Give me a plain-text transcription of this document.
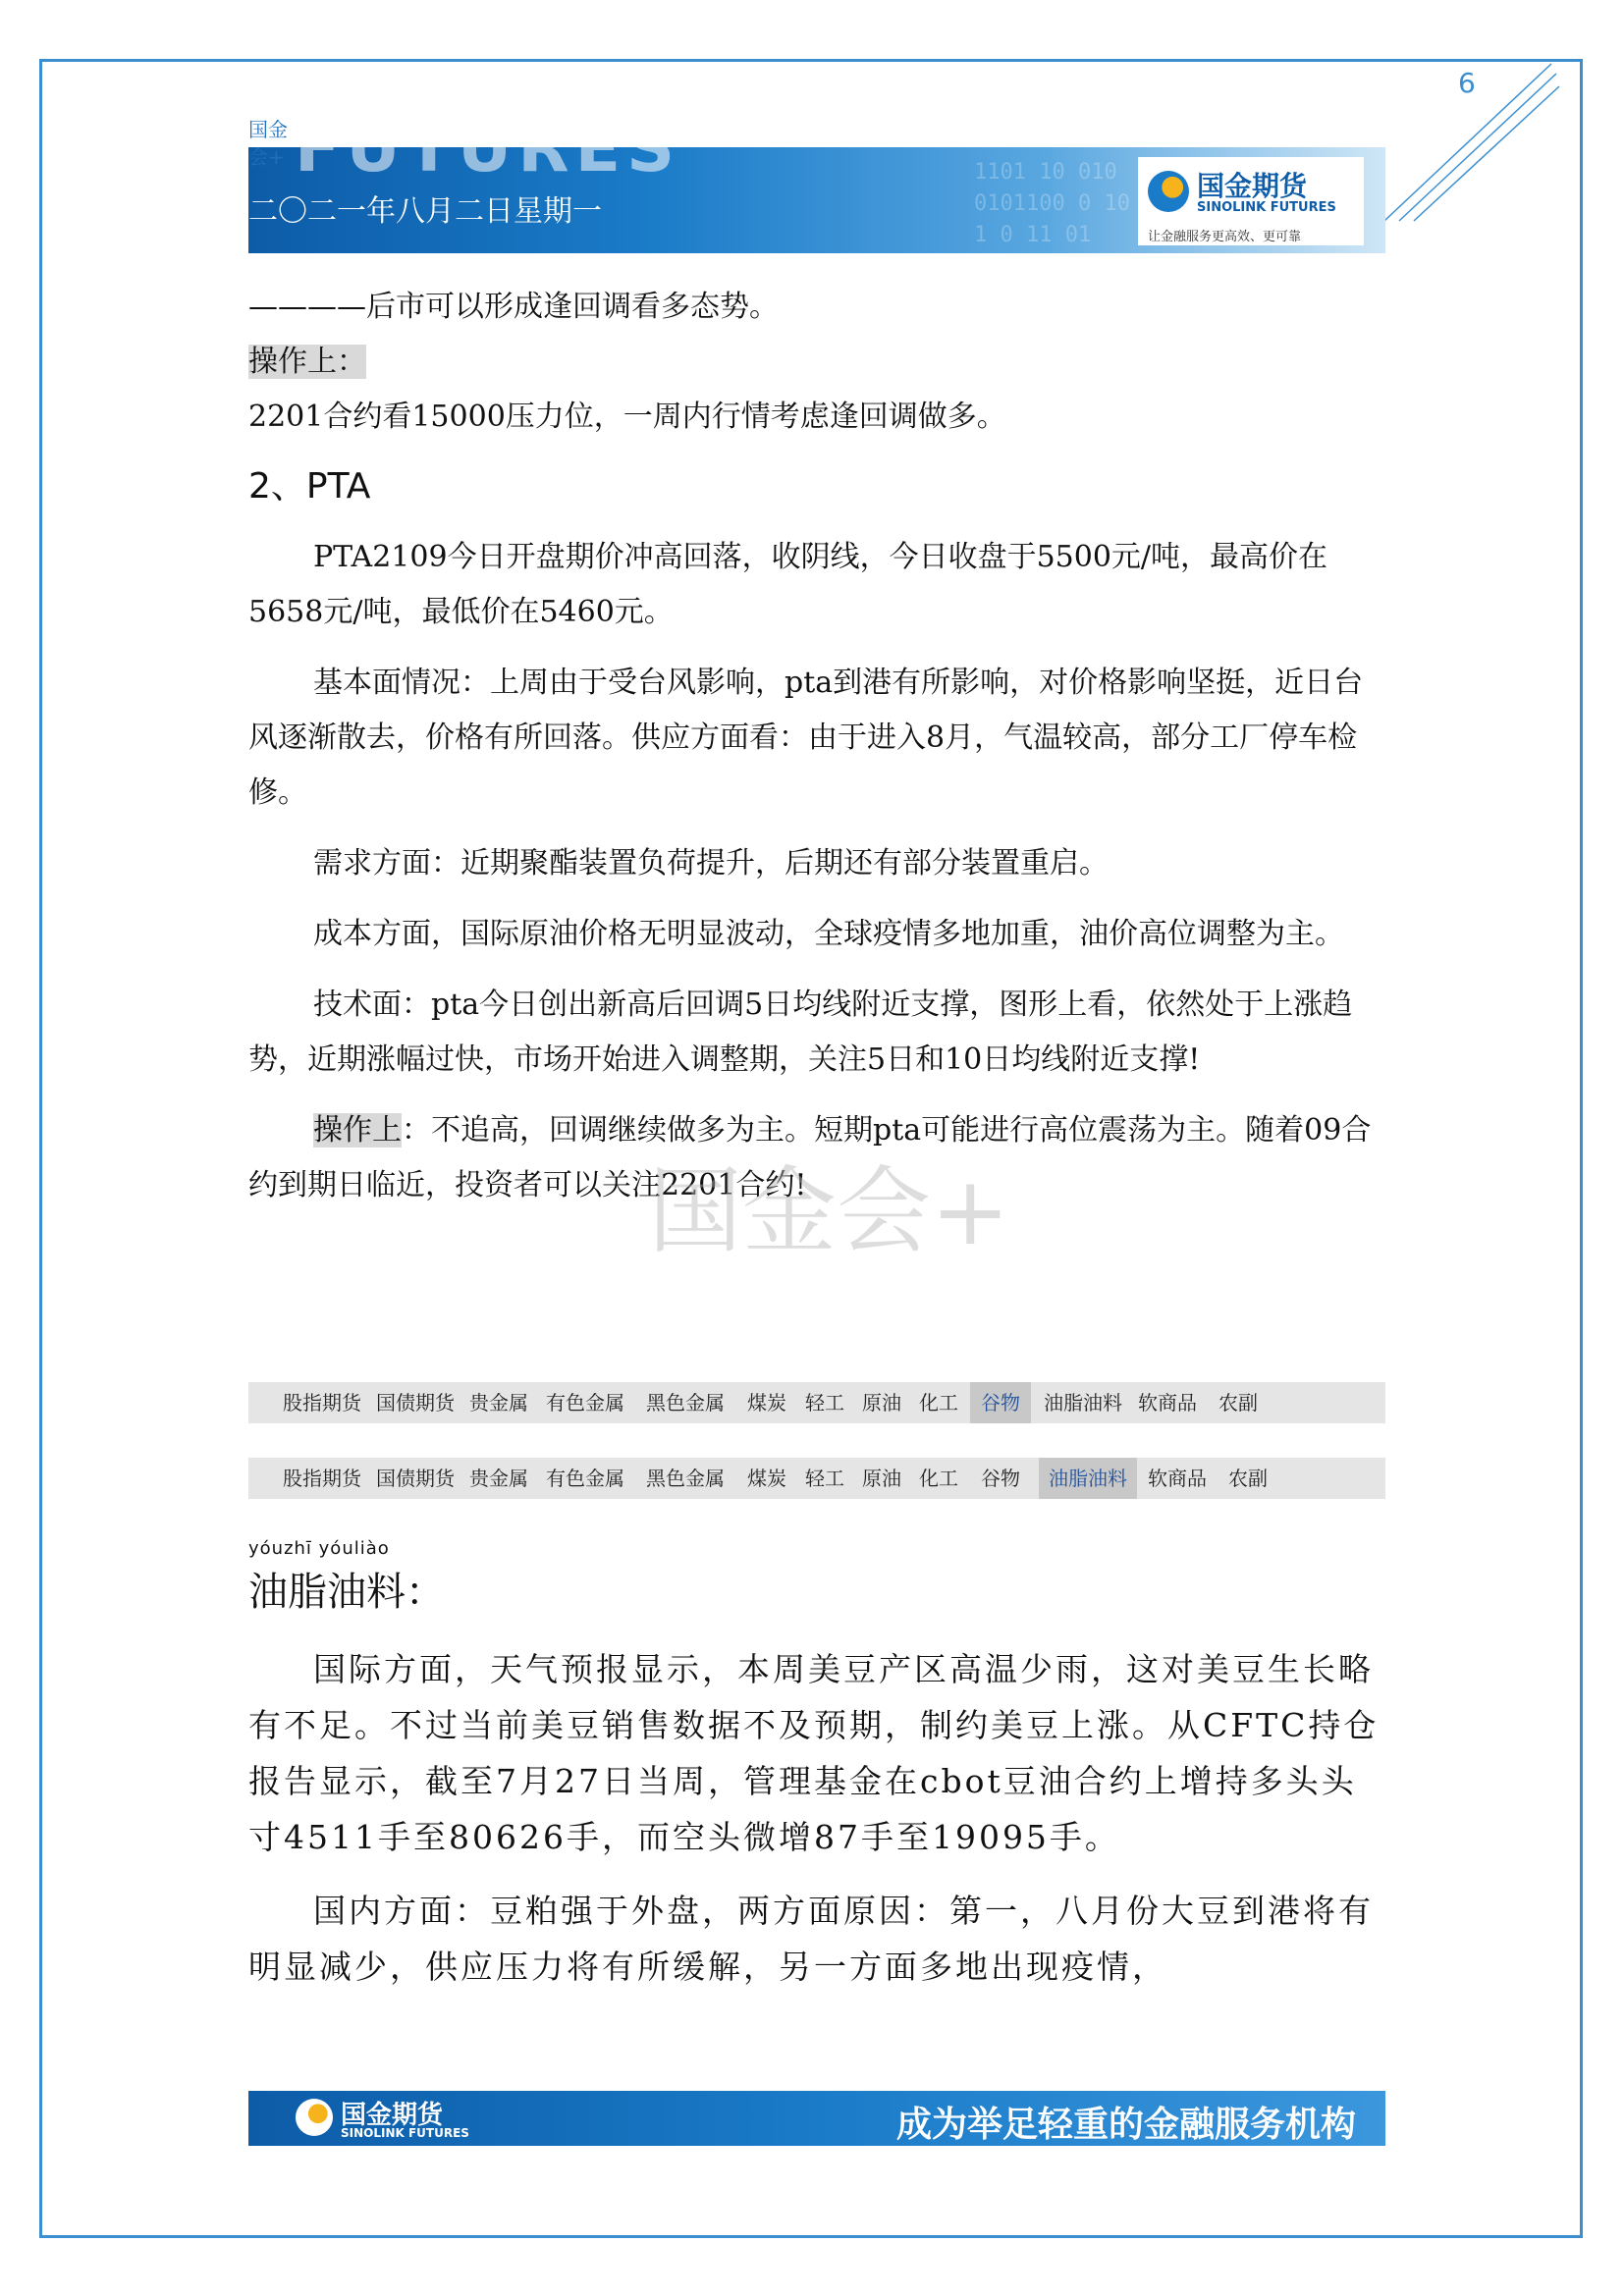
6
1101 10 010
0101100 0 10
1 0 11 01
国金期货
SINOLINK FUTURES
让金融服务更高效、更可靠
国金
会+ FUTURES
二〇二一年八月二日星期一

————后市可以形成逢回调看多态势。

操作上：

2201合约看15000压力位，一周内行情考虑逢回调做多。

2、PTA

PTA2109今日开盘期价冲高回落，收阴线，今日收盘于5500元/吨，最高价在5658元/吨，最低价在5460元。

基本面情况：上周由于受台风影响，pta到港有所影响，对价格影响坚挺，近日台风逐渐散去，价格有所回落。供应方面看：由于进入8月，气温较高，部分工厂停车检修。

需求方面：近期聚酯装置负荷提升，后期还有部分装置重启。

成本方面，国际原油价格无明显波动，全球疫情多地加重，油价高位调整为主。

技术面：pta今日创出新高后回调5日均线附近支撑，图形上看，依然处于上涨趋势，近期涨幅过快，市场开始进入调整期，关注5日和10日均线附近支撑!

操作上：不追高，回调继续做多为主。短期pta可能进行高位震荡为主。随着09合约到期日临近，投资者可以关注2201合约!

国金会+
股指期货 国债期货 贵金属 有色金属 黑色金属 煤炭 轻工 原油 化工	谷物	油脂油料 软商品	农副
股指期货 国债期货 贵金属 有色金属 黑色金属 煤炭 轻工 原油 化工	谷物	油脂油料	软商品	农副
yóuzhī yóuliào
油脂油料：

国际方面，天气预报显示，本周美豆产区高温少雨，这对美豆生长略有不足。不过当前美豆销售数据不及预期，制约美豆上涨。从CFTC持仓报告显示，截至7月27日当周，管理基金在cbot豆油合约上增持多头头寸4511手至80626手，而空头微增87手至19095手。

国内方面：豆粕强于外盘，两方面原因：第一，八月份大豆到港将有明显减少，供应压力将有所缓解，另一方面多地出现疫情，

国金期货
SINOLINK FUTURES	成为举足轻重的金融服务机构
